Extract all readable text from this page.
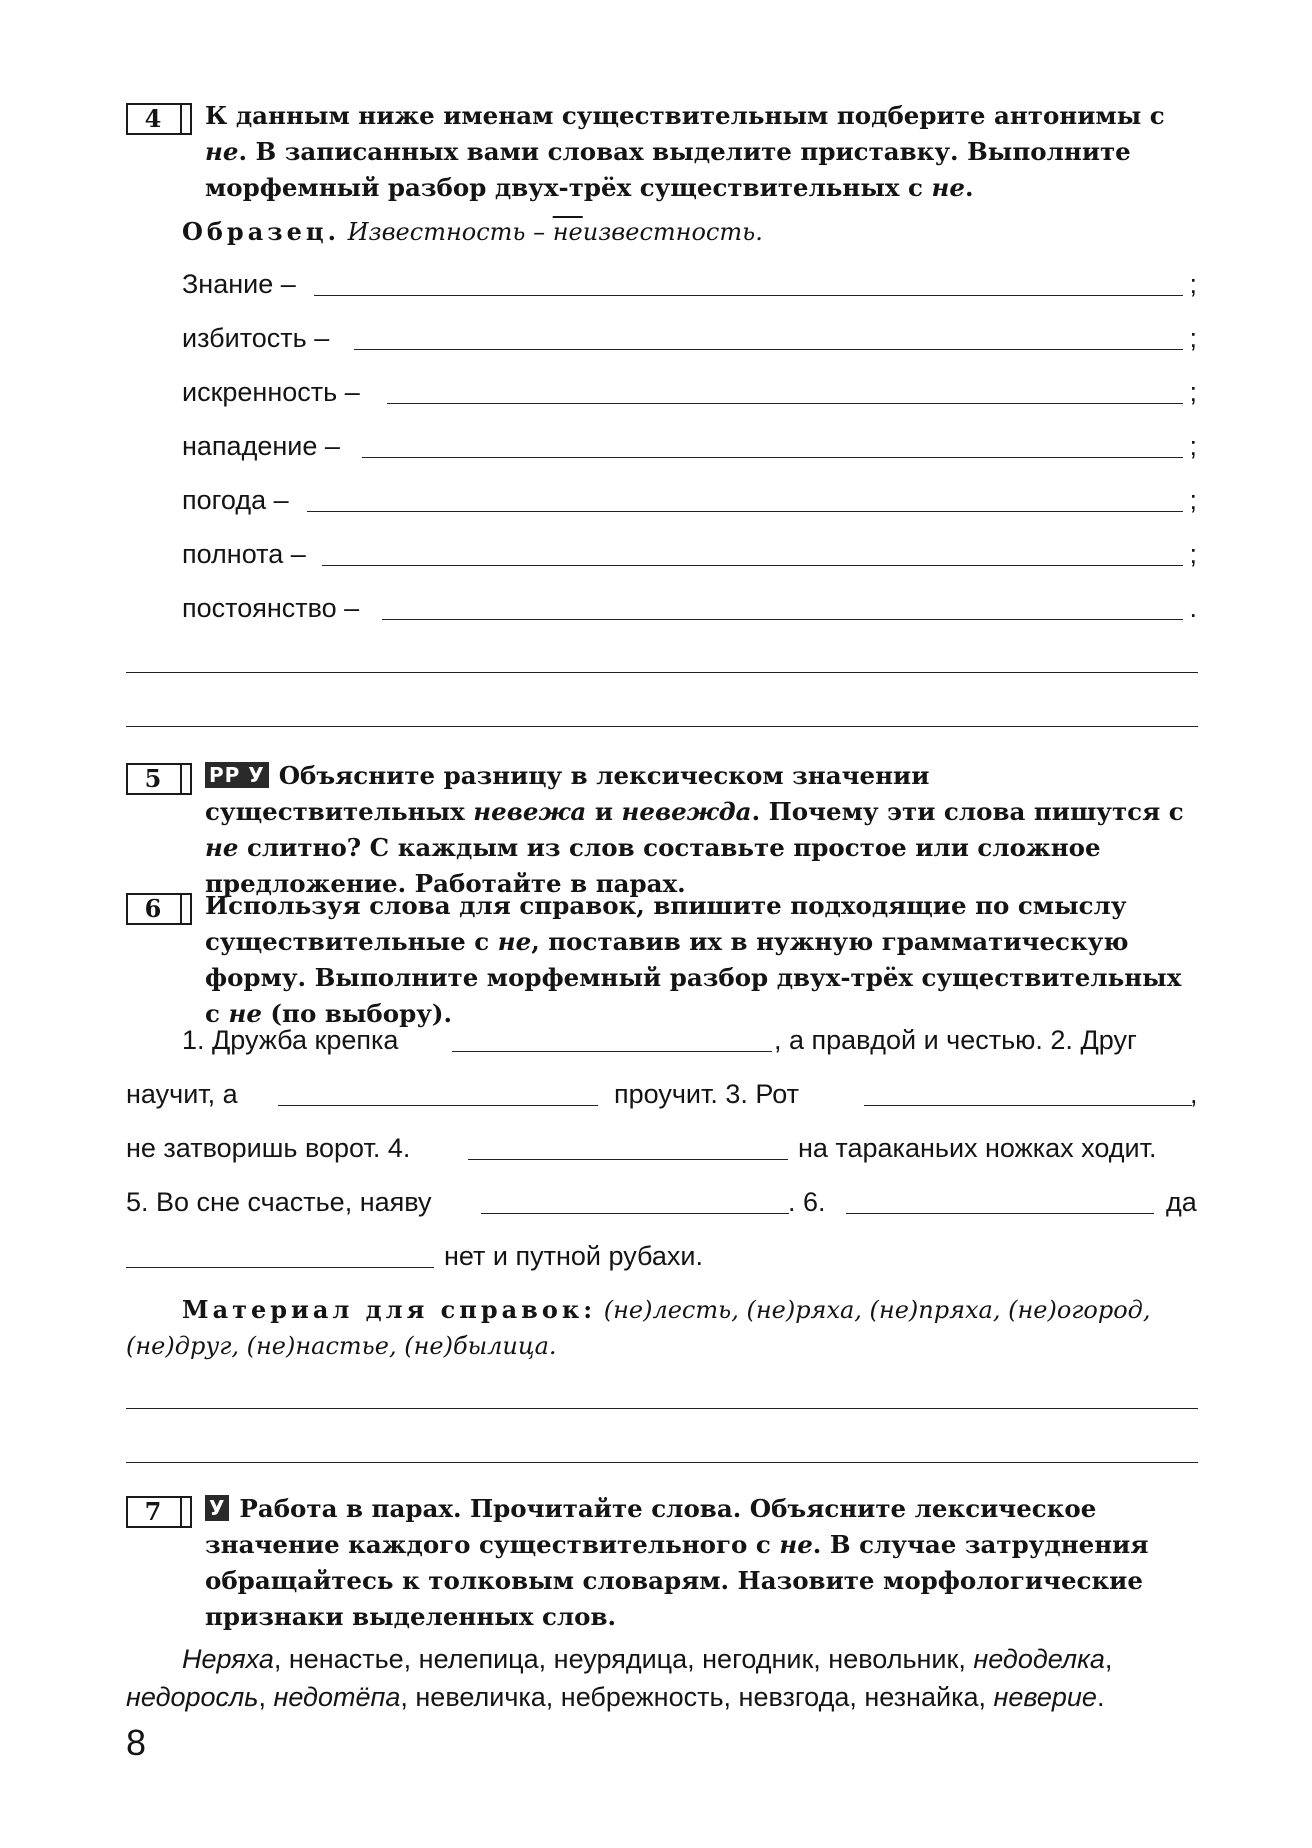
4	К данным ниже именам существительным подберите антонимы с не. В записанных вами словах выделите приставку. Выполните морфемный разбор двух-трёх существительных с не.
Образец. Известность – неизвестность.
Знание –	;
избитость –	;
искренность –	;
нападение –	;
погода –	;
полнота –	;
постоянство –	.
5	РР У Объясните разницу в лексическом значении существительных невежа и невежда. Почему эти слова пишутся с не слитно? С каждым из слов составьте простое или сложное предложение. Работайте в парах.
6	Используя слова для справок, впишите подходящие по смыслу существительные с не, поставив их в нужную грамматическую форму. Выполните морфемный разбор двух-трёх существительных с не (по выбору).
1. Дружба крепка	, а правдой и честью. 2. Друг
научит, а	проучит. 3. Рот	,
не затворишь ворот. 4.	на тараканьих ножках ходит.
5. Во сне счастье, наяву	. 6.	да
нет и путной рубахи.
Материал для справок: (не)лесть, (не)ряха, (не)пряха, (не)огород, (не)друг, (не)настье, (не)былица.
7	У Работа в парах. Прочитайте слова. Объясните лексическое значение каждого существительного с не. В случае затруднения обращайтесь к толковым словарям. Назовите морфологические признаки выделенных слов.
Неряха, ненастье, нелепица, неурядица, негодник, невольник, недоделка,
недоросль, недотёпа, невеличка, небрежность, невзгода, незнайка, неверие.
8
